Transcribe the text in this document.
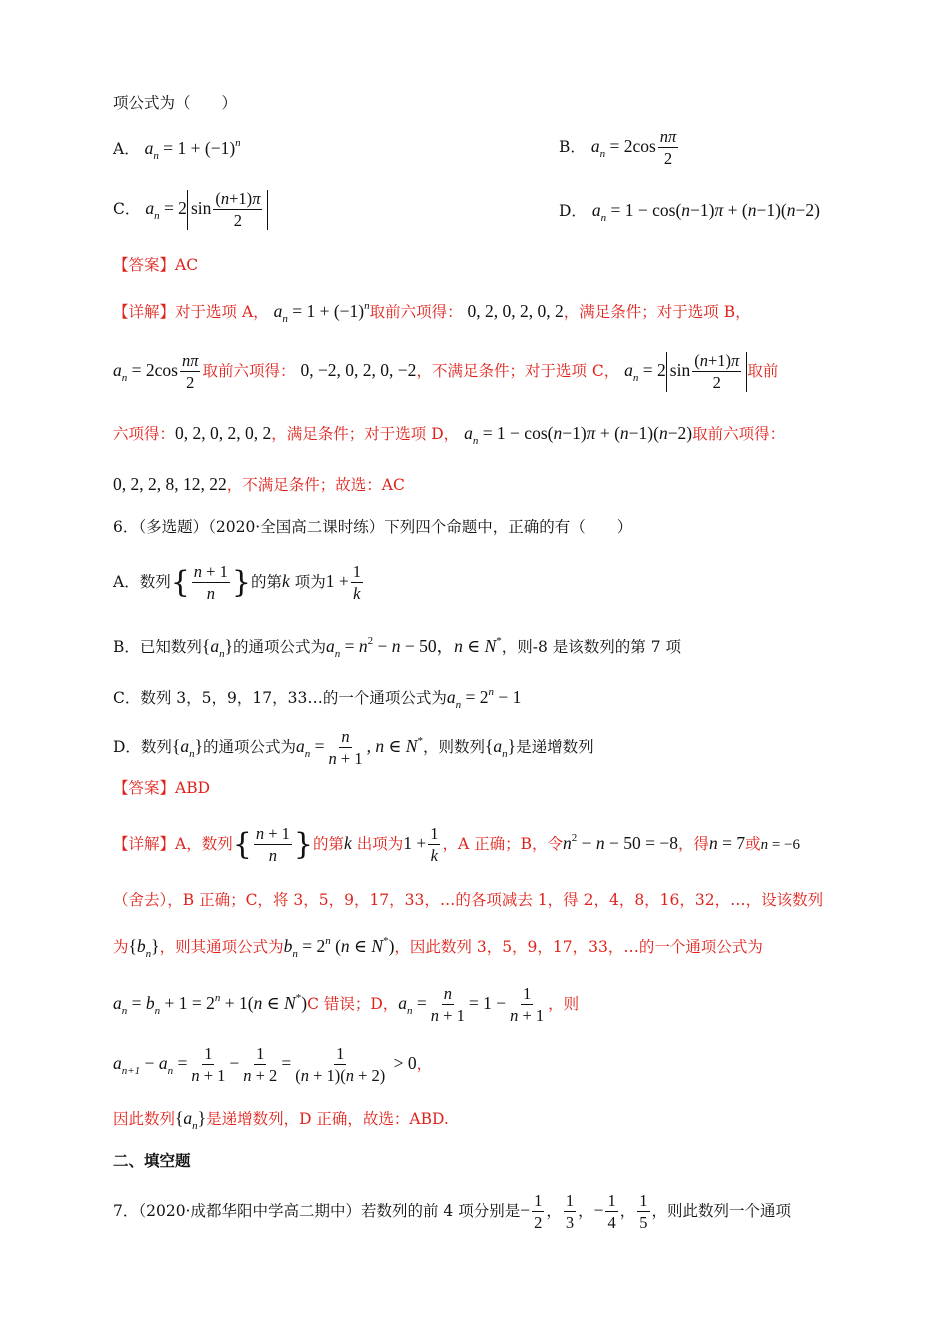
项公式为（　　）
A． $a_n = 1 + (-1)^n$	B． $a_n = 2\cos \frac{n\pi}{2}$
C． $a_n = 2$ $\sin \frac{(n+1)\pi}{2}$	D． $a_n = 1 - \cos(n-1)\pi + (n-1)(n-2)$
【答案】AC
【详解】对于选项 A， $a_n = 1 + (-1)^n$取前六项得： 0, 2, 0, 2, 0, 2，满足条件；对于选项 B，
$a_n = 2\cos \frac{n\pi}{2}$ 取前六项得： 0, −2, 0, 2, 0, −2，不满足条件；对于选项 C， $a_n = 2$ $\sin \frac{(n+1)\pi}{2}$ 取前
六项得：0, 2, 0, 2, 0, 2，满足条件；对于选项 D， $a_n = 1 - \cos(n-1)\pi + (n-1)(n-2)$取前六项得：
0, 2, 2, 8, 12, 22，不满足条件；故选：AC
6．（多选题）（2020·全国高二课时练）下列四个命题中，正确的有（　　）
A．数列{ $\frac{n + 1}{n}$ }的第k 项为$1 + \frac{1}{k}$
B．已知数列$\{a_n\}$的通项公式为$a_n = n^2 - n - 50$，n ∈ N*，则-8 是该数列的第 7 项
C．数列 3，5，9，17，33…的一个通项公式为$a_n = 2^n - 1$
D．数列$\{a_n\}$的通项公式为$a_n = \frac{n}{n + 1}$ , n ∈ N*，则数列$\{a_n\}$是递增数列
【答案】ABD
【详解】A，数列{ $\frac{n + 1}{n}$ }的第k 出项为$1 + \frac{1}{k}$ ，A 正确；B，令$n^2 - n - 50 = -8$，得n = 7或n = −6
（舍去），B 正确；C，将 3，5，9，17，33，…的各项减去 1，得 2，4，8，16，32，…，设该数列
为$\{b_n\}$，则其通项公式为$b_n = 2^n$ (n ∈ N*)，因此数列 3，5，9，17，33，…的一个通项公式为
$a_n = b_n + 1 = 2^n + 1(n$ ∈ N*)C 错误；D，$a_n = \frac{n}{n + 1} = 1 - \frac{1}{n + 1}$ ，则
$a_{n+1} - a_n = \frac{1}{n + 1} - \frac{1}{n + 2} = \frac{1}{(n + 1)(n + 2)} > 0$，
因此数列$\{a_n\}$是递增数列，D 正确，故选：ABD.
二、填空题
7．（2020·成都华阳中学高二期中）若数列的前 4 项分别是− $\frac{1}{2}$ ， $\frac{1}{3}$ ，− $\frac{1}{4}$ ， $\frac{1}{5}$ ，则此数列一个通项
